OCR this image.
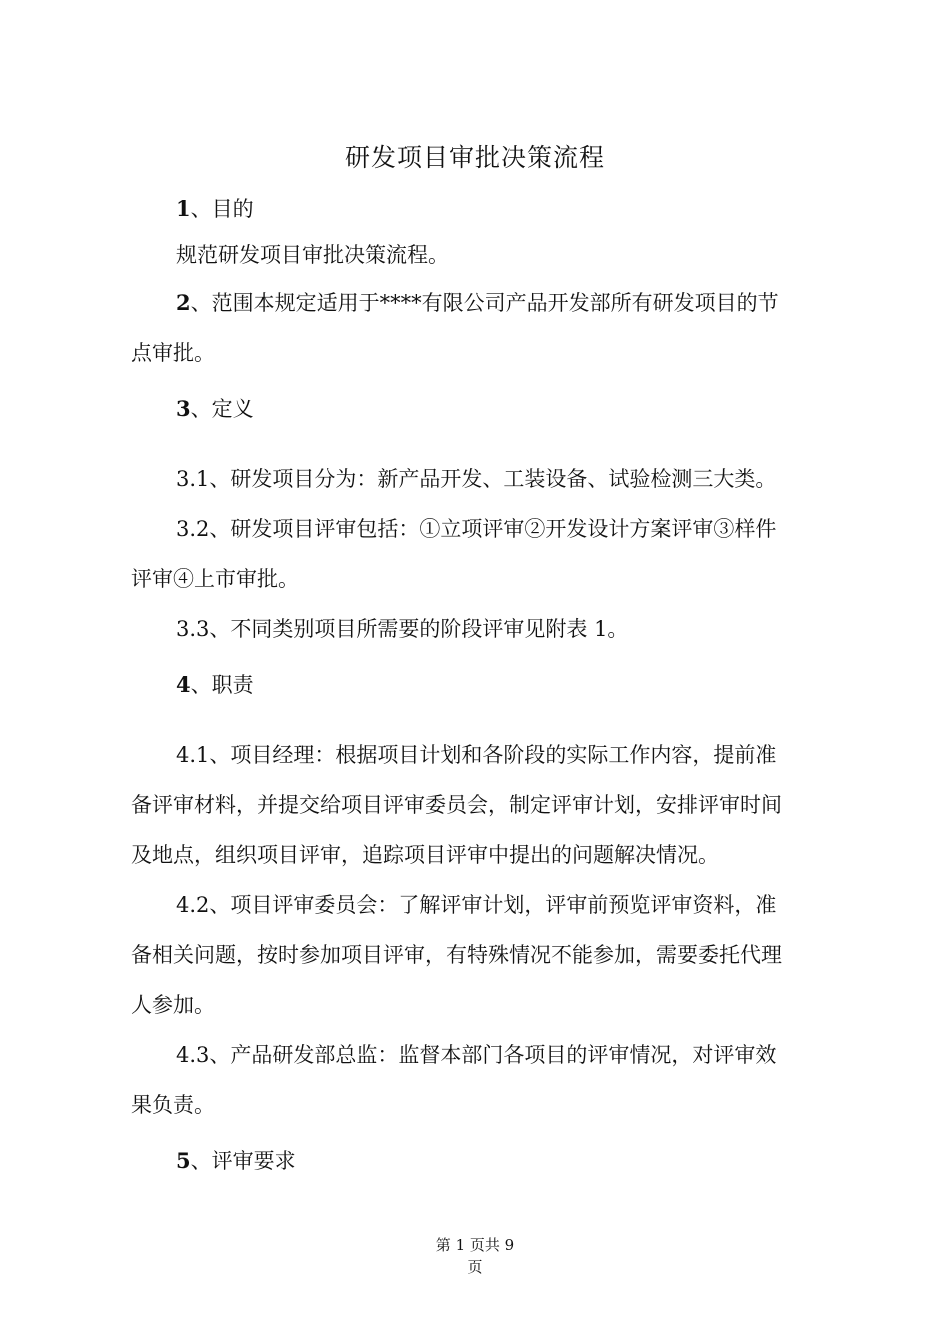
研发项目审批决策流程
1、目的
规范研发项目审批决策流程。
2、范围本规定适用于****有限公司产品开发部所有研发项目的节
点审批。
3、定义
3.1、研发项目分为：新产品开发、工装设备、试验检测三大类。
3.2、研发项目评审包括：①立项评审②开发设计方案评审③样件
评审④上市审批。
3.3、不同类别项目所需要的阶段评审见附表 1。
4、职责
4.1、项目经理：根据项目计划和各阶段的实际工作内容，提前准
备评审材料，并提交给项目评审委员会，制定评审计划，安排评审时间
及地点，组织项目评审，追踪项目评审中提出的问题解决情况。
4.2、项目评审委员会：了解评审计划，评审前预览评审资料，准
备相关问题，按时参加项目评审，有特殊情况不能参加，需要委托代理
人参加。
4.3、产品研发部总监：监督本部门各项目的评审情况，对评审效
果负责。
5、评审要求
第 1 页共 9
页
